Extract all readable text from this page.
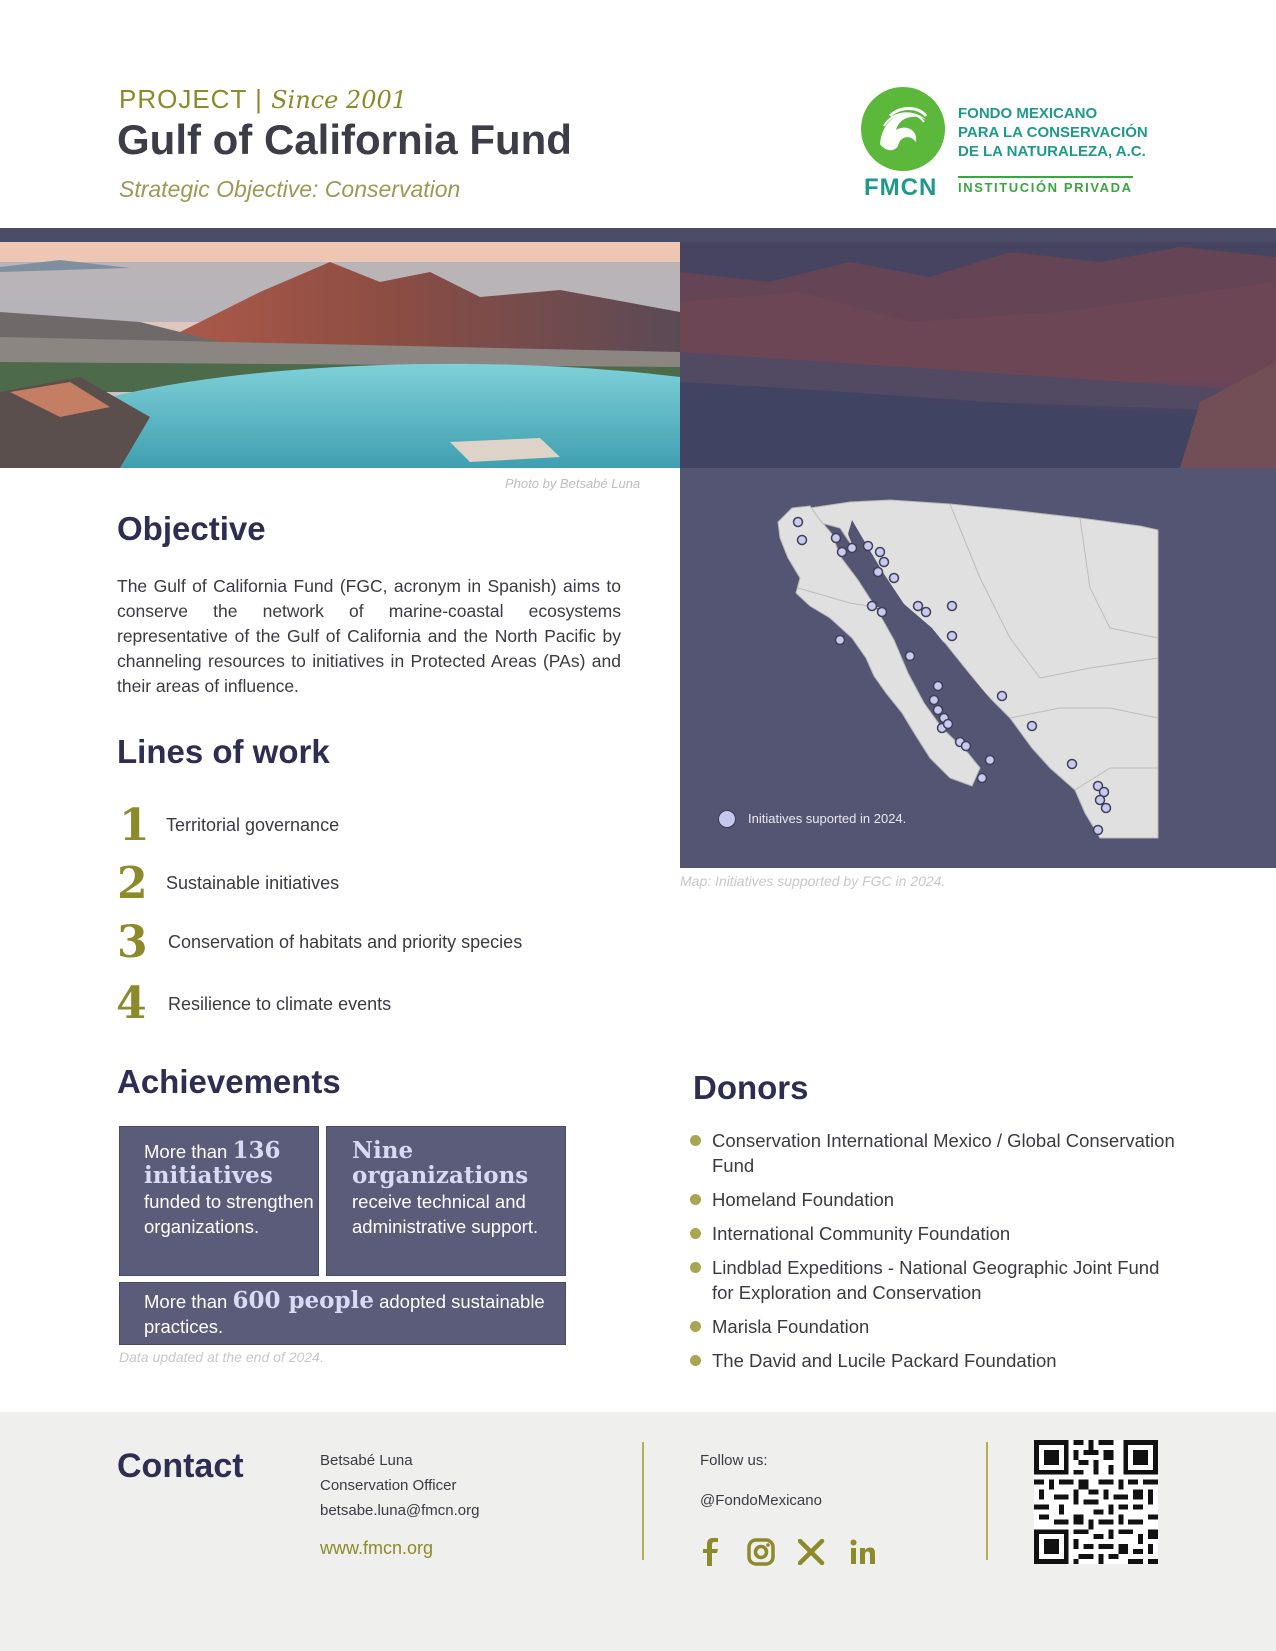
PROJECT | Since 2001
Gulf of California Fund
Strategic Objective: Conservation	FMCN
FONDO MEXICANO
PARA LA CONSERVACIÓN
DE LA NATURALEZA, A.C.
INSTITUCIÓN PRIVADA
Photo by Betsabé Luna
Initiatives suported in 2024.
Map: Initiatives supported by FGC in 2024.
Objective
The Gulf of California Fund (FGC, acronym in Spanish) aims to conserve the network of marine-coastal ecosystems representative of the Gulf of California and the North Pacific by channeling resources to initiatives in Protected Areas (PAs) and their areas of influence.
Lines of work
1 Territorial governance
2 Sustainable initiatives
3 Conservation of habitats and priority species
4 Resilience to climate events
Achievements
More than 136 initiatives
funded to strengthen organizations.
Nine organizations
receive technical and administrative support.
More than 600 people adopted sustainable practices.
Data updated at the end of 2024.
Donors
Conservation International Mexico / Global Conservation Fund
Homeland Foundation
International Community Foundation
Lindblad Expeditions - National Geographic Joint Fund for Exploration and Conservation
Marisla Foundation
The David and Lucile Packard Foundation
Contact	Betsabé Luna
Conservation Officer
betsabe.luna@fmcn.org
www.fmcn.org
Follow us:
@FondoMexicano
